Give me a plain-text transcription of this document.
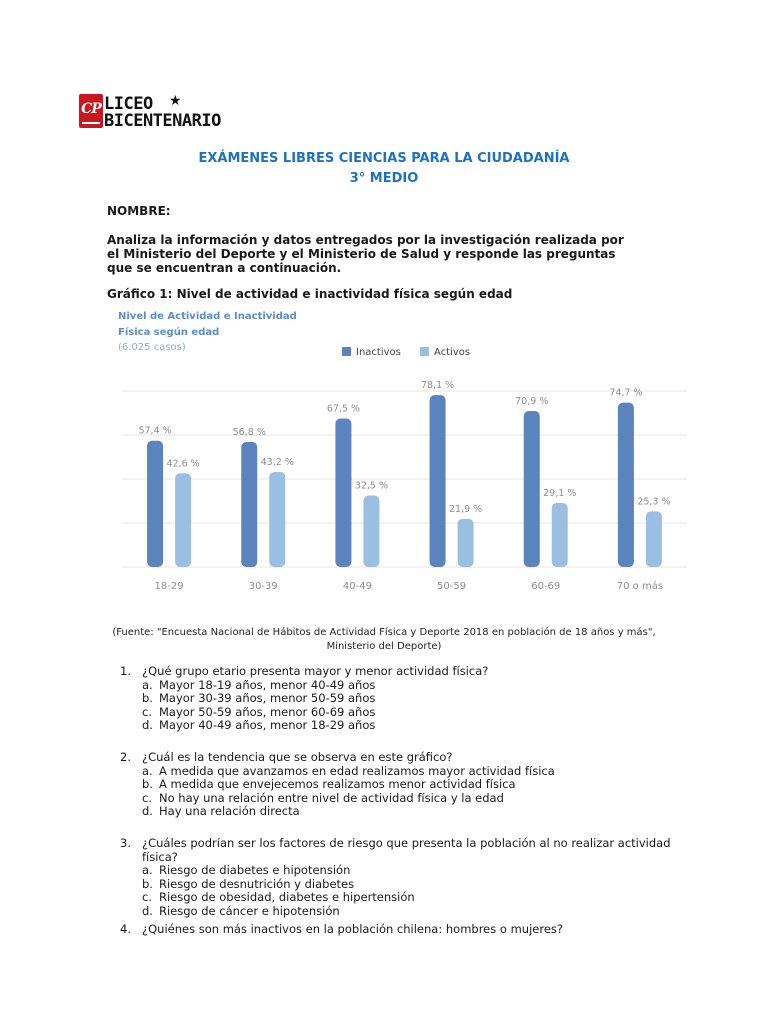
CP LICEO ★
BICENTENARIO
EXÁMENES LIBRES CIENCIAS PARA LA CIUDADANÍA
3° MEDIO
NOMBRE:
Analiza la información y datos entregados por la investigación realizada por el Ministerio del Deporte y el Ministerio de Salud y responde las preguntas que se encuentran a continuación.
Gráfico 1: Nivel de actividad e inactividad física según edad
57,4 %
42,6 %
18-29
56,8 %
43,2 %
30-39
67,5 %
32,5 %
40-49
78,1 %
21,9 %
50-59
70,9 %
29,1 %
60-69
74,7 %
25,3 %
70 o más
Nivel de Actividad e Inactividad
Física según edad
(6.025 casos)	Inactivos	Activos
(Fuente: "Encuesta Nacional de Hábitos de Actividad Física y Deporte 2018 en población de 18 años y más",
Ministerio del Deporte)
1. ¿Qué grupo etario presenta mayor y menor actividad física?
a. Mayor 18-19 años, menor 40-49 años
b. Mayor 30-39 años, menor 50-59 años
c. Mayor 50-59 años, menor 60-69 años
d. Mayor 40-49 años, menor 18-29 años
2. ¿Cuál es la tendencia que se observa en este gráfico?
a. A medida que avanzamos en edad realizamos mayor actividad física
b. A medida que envejecemos realizamos menor actividad física
c. No hay una relación entre nivel de actividad física y la edad
d. Hay una relación directa
3. ¿Cuáles podrían ser los factores de riesgo que presenta la población al no realizar actividad física?
a. Riesgo de diabetes e hipotensión
b. Riesgo de desnutrición y diabetes
c. Riesgo de obesidad, diabetes e hipertensión
d. Riesgo de cáncer e hipotensión
4. ¿Quiénes son más inactivos en la población chilena: hombres o mujeres?
